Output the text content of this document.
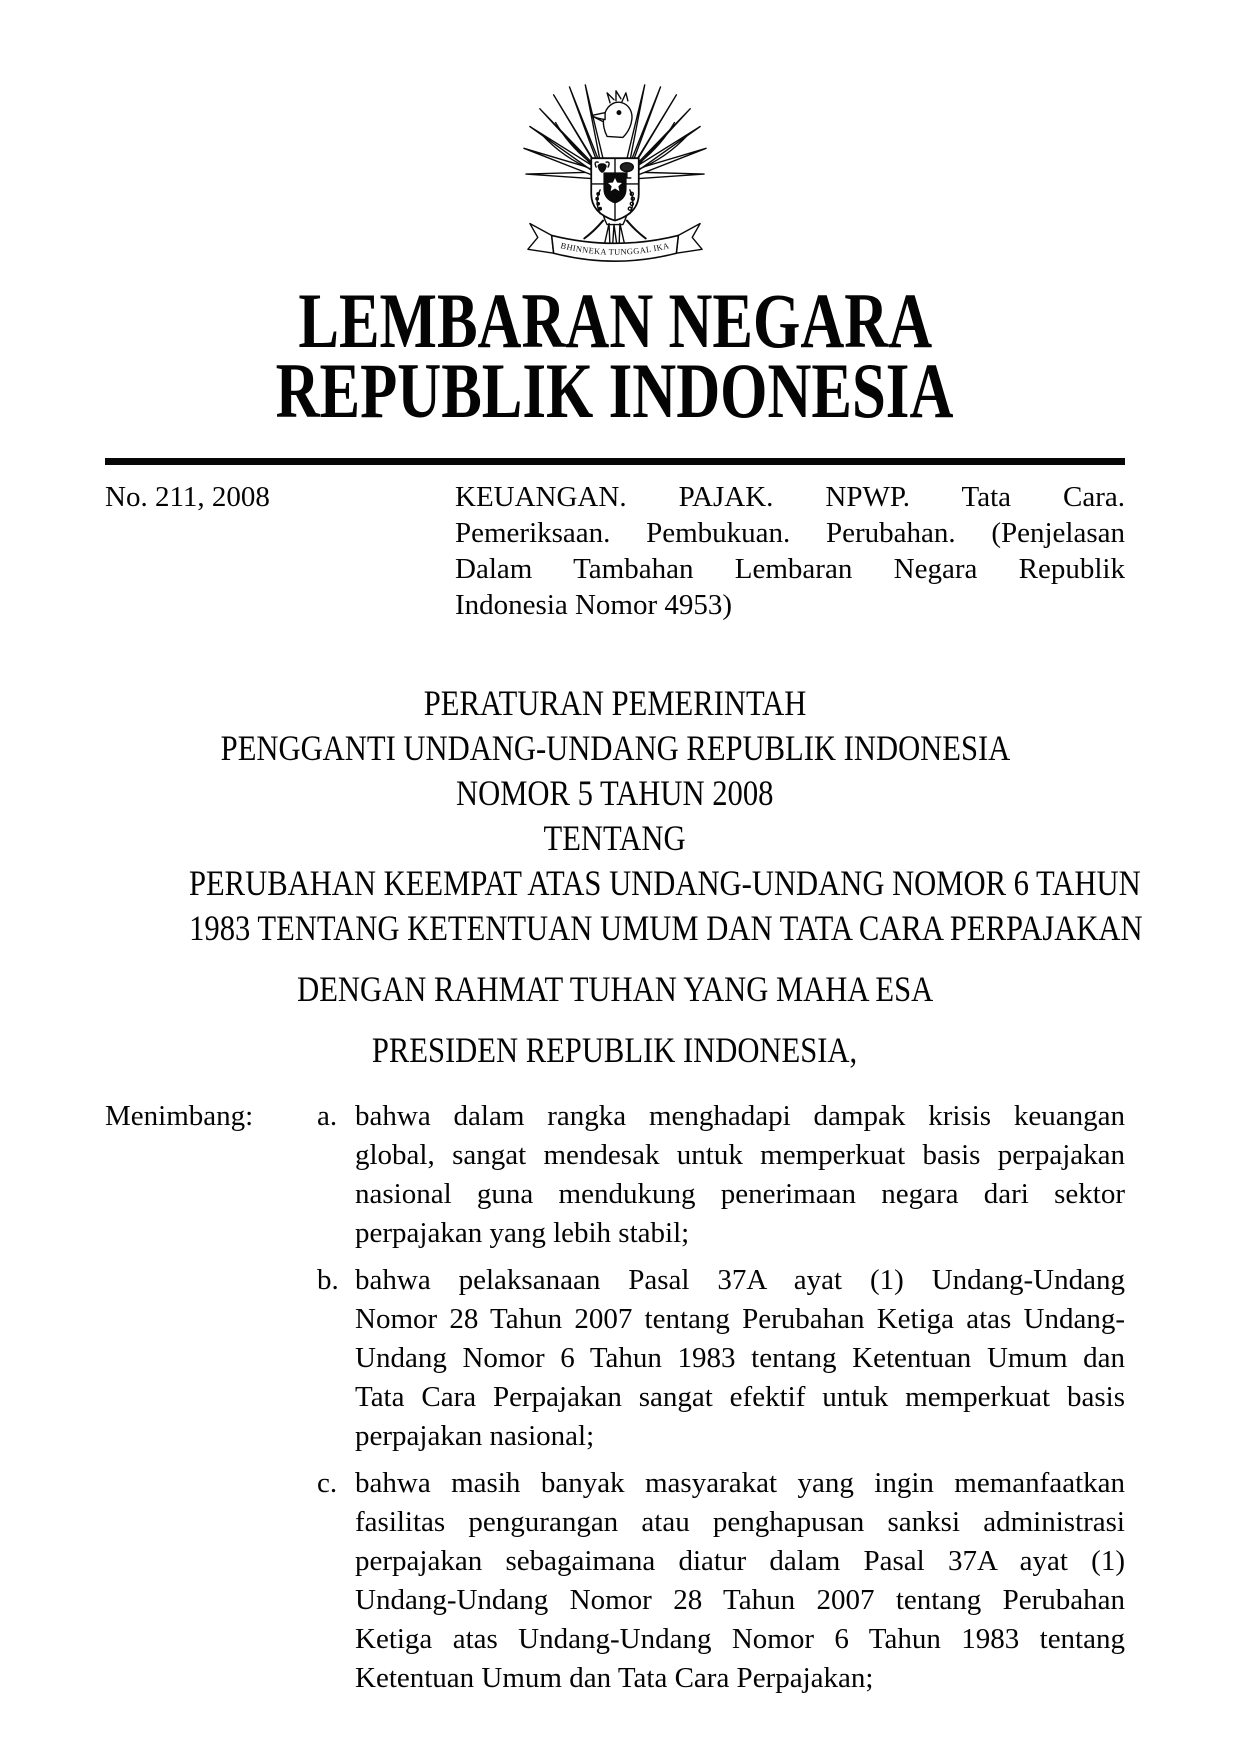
BHINNEKA TUNGGAL IKA
LEMBARAN NEGARA
REPUBLIK INDONESIA
No. 211, 2008	KEUANGAN. PAJAK. NPWP. Tata Cara.
Pemeriksaan. Pembukuan. Perubahan. (Penjelasan
Dalam Tambahan Lembaran Negara Republik
Indonesia Nomor 4953)
PERATURAN PEMERINTAH
PENGGANTI UNDANG-UNDANG REPUBLIK INDONESIA
NOMOR 5 TAHUN 2008
TENTANG
PERUBAHAN KEEMPAT ATAS UNDANG-UNDANG NOMOR 6 TAHUN
1983 TENTANG KETENTUAN UMUM DAN TATA CARA PERPAJAKAN
DENGAN RAHMAT TUHAN YANG MAHA ESA
PRESIDEN REPUBLIK INDONESIA,
Menimbang:	a. bahwa dalam rangka menghadapi dampak krisis keuangan
global, sangat mendesak untuk memperkuat basis perpajakan
nasional guna mendukung penerimaan negara dari sektor
perpajakan yang lebih stabil;
b. bahwa pelaksanaan Pasal 37A ayat (1) Undang-Undang
Nomor 28 Tahun 2007 tentang Perubahan Ketiga atas Undang-
Undang Nomor 6 Tahun 1983 tentang Ketentuan Umum dan
Tata Cara Perpajakan sangat efektif untuk memperkuat basis
perpajakan nasional;
c. bahwa masih banyak masyarakat yang ingin memanfaatkan
fasilitas pengurangan atau penghapusan sanksi administrasi
perpajakan sebagaimana diatur dalam Pasal 37A ayat (1)
Undang-Undang Nomor 28 Tahun 2007 tentang Perubahan
Ketiga atas Undang-Undang Nomor 6 Tahun 1983 tentang
Ketentuan Umum dan Tata Cara Perpajakan;
